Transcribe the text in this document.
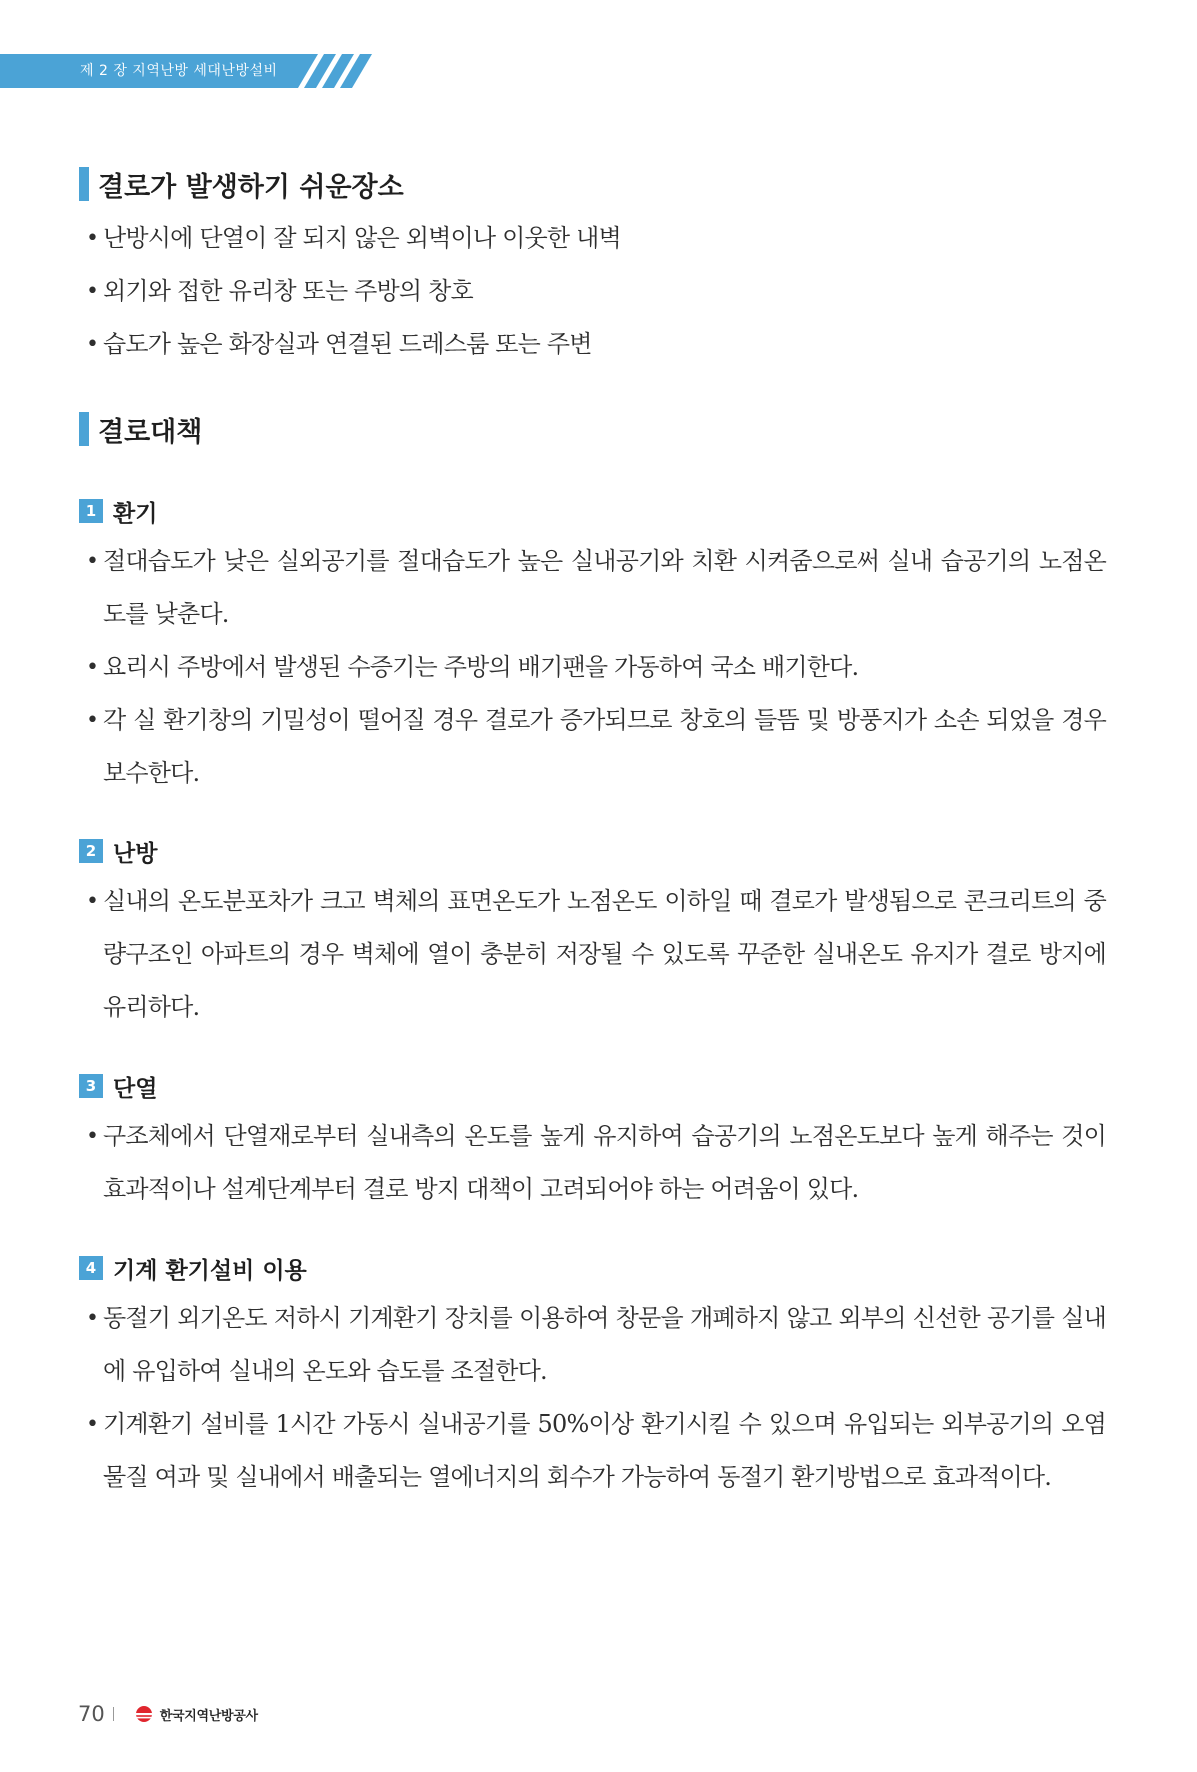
제 2 장 지역난방 세대난방설비
결로가 발생하기 쉬운장소
• 난방시에 단열이 잘 되지 않은 외벽이나 이웃한 내벽
• 외기와 접한 유리창 또는 주방의 창호
• 습도가 높은 화장실과 연결된 드레스룸 또는 주변
결로대책
1 환기
• 절대습도가 낮은 실외공기를 절대습도가 높은 실내공기와 치환 시켜줌으로써 실내 습공기의 노점온도를 낮춘다.
• 요리시 주방에서 발생된 수증기는 주방의 배기팬을 가동하여 국소 배기한다.
• 각 실 환기창의 기밀성이 떨어질 경우 결로가 증가되므로 창호의 들뜸 및 방풍지가 소손 되었을 경우 보수한다.
2 난방
• 실내의 온도분포차가 크고 벽체의 표면온도가 노점온도 이하일 때 결로가 발생됨으로 콘크리트의 중량구조인 아파트의 경우 벽체에 열이 충분히 저장될 수 있도록 꾸준한 실내온도 유지가 결로 방지에 유리하다.
3 단열
• 구조체에서 단열재로부터 실내측의 온도를 높게 유지하여 습공기의 노점온도보다 높게 해주는 것이 효과적이나 설계단계부터 결로 방지 대책이 고려되어야 하는 어려움이 있다.
4 기계 환기설비 이용
• 동절기 외기온도 저하시 기계환기 장치를 이용하여 창문을 개폐하지 않고 외부의 신선한 공기를 실내에 유입하여 실내의 온도와 습도를 조절한다.
• 기계환기 설비를 1시간 가동시 실내공기를 50%이상 환기시킬 수 있으며 유입되는 외부공기의 오염물질 여과 및 실내에서 배출되는 열에너지의 회수가 가능하여 동절기 환기방법으로 효과적이다.
70	한국지역난방공사
